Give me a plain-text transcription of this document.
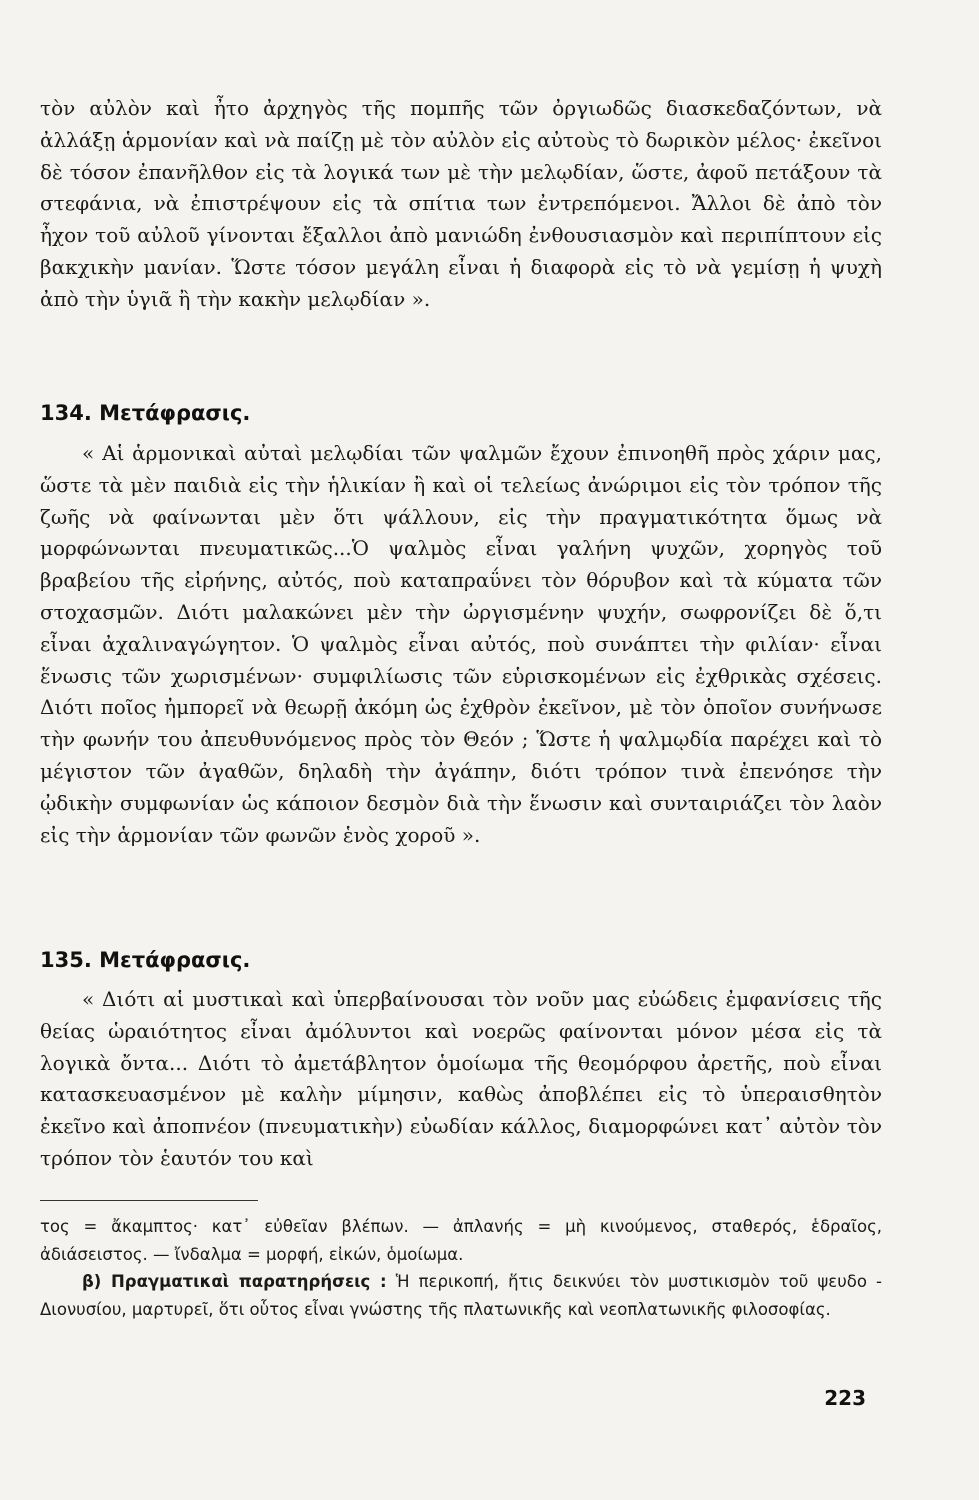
τὸν αὐλὸν καὶ ἦτο ἀρχηγὸς τῆς πομπῆς τῶν ὀργιωδῶς διασκεδαζόντων, νὰ ἀλλάξῃ ἁρμονίαν καὶ νὰ παίζῃ μὲ τὸν αὐλὸν εἰς αὐτοὺς τὸ δωρικὸν μέλος· ἐκεῖνοι δὲ τόσον ἐπανῆλθον εἰς τὰ λογικά των μὲ τὴν μελῳδίαν, ὥστε, ἀφοῦ πετάξουν τὰ στεφάνια, νὰ ἐπιστρέψουν εἰς τὰ σπίτια των ἐντρεπόμενοι. Ἄλλοι δὲ ἀπὸ τὸν ἦχον τοῦ αὐλοῦ γίνονται ἔξαλλοι ἀπὸ μανιώδη ἐνθουσιασμὸν καὶ περιπίπτουν εἰς βακχικὴν μανίαν. Ὥστε τόσον μεγάλη εἶναι ἡ διαφορὰ εἰς τὸ νὰ γεμίσῃ ἡ ψυχὴ ἀπὸ τὴν ὑγιᾶ ἢ τὴν κακὴν μελῳδίαν ».

134. Μετάφρασις.

« Αἱ ἁρμονικαὶ αὐταὶ μελῳδίαι τῶν ψαλμῶν ἔχουν ἐπινοηθῆ πρὸς χάριν μας, ὥστε τὰ μὲν παιδιὰ εἰς τὴν ἡλικίαν ἢ καὶ οἱ τελείως ἀνώριμοι εἰς τὸν τρόπον τῆς ζωῆς νὰ φαίνωνται μὲν ὅτι ψάλλουν, εἰς τὴν πραγματικότητα ὅμως νὰ μορφώνωνται πνευματικῶς...Ὁ ψαλμὸς εἶναι γαλήνη ψυχῶν, χορηγὸς τοῦ βραβείου τῆς εἰρήνης, αὐτός, ποὺ καταπραΰνει τὸν θόρυβον καὶ τὰ κύματα τῶν στοχασμῶν. Διότι μαλακώνει μὲν τὴν ὠργισμένην ψυχήν, σωφρονίζει δὲ ὅ,τι εἶναι ἀχαλιναγώγητον. Ὁ ψαλμὸς εἶναι αὐτός, ποὺ συνάπτει τὴν φιλίαν· εἶναι ἕνωσις τῶν χωρισμένων· συμφιλίωσις τῶν εὑρισκομένων εἰς ἐχθρικὰς σχέσεις. Διότι ποῖος ἠμπορεῖ νὰ θεωρῇ ἀκόμη ὡς ἐχθρὸν ἐκεῖνον, μὲ τὸν ὁποῖον συνήνωσε τὴν φωνήν του ἀπευθυνόμενος πρὸς τὸν Θεόν ; Ὥστε ἡ ψαλμῳδία παρέχει καὶ τὸ μέγιστον τῶν ἀγαθῶν, δηλαδὴ τὴν ἀγάπην, διότι τρόπον τινὰ ἐπενόησε τὴν ᾠδικὴν συμφωνίαν ὡς κάποιον δεσμὸν διὰ τὴν ἕνωσιν καὶ συνταιριάζει τὸν λαὸν εἰς τὴν ἁρμονίαν τῶν φωνῶν ἑνὸς χοροῦ ».

135. Μετάφρασις.

« Διότι αἱ μυστικαὶ καὶ ὑπερβαίνουσαι τὸν νοῦν μας εὐώδεις ἐμφανίσεις τῆς θείας ὡραιότητος εἶναι ἀμόλυντοι καὶ νοερῶς φαίνονται μόνον μέσα εἰς τὰ λογικὰ ὄντα... Διότι τὸ ἀμετάβλητον ὁμοίωμα τῆς θεομόρφου ἀρετῆς, ποὺ εἶναι κατασκευασμένον μὲ καλὴν μίμησιν, καθὼς ἀποβλέπει εἰς τὸ ὑπεραισθητὸν ἐκεῖνο καὶ ἀποπνέον (πνευματικὴν) εὐωδίαν κάλλος, διαμορφώνει κατ᾿ αὐτὸν τὸν τρόπον τὸν ἑαυτόν του καὶ

τος = ἄκαμπτος· κατ᾿ εὐθεῖαν βλέπων. — ἀπλανής = μὴ κινούμενος, σταθερός, ἑδραῖος, ἀδιάσειστος. — ἴνδαλμα = μορφή, εἰκών, ὁμοίωμα.

β) Πραγματικαὶ παρατηρήσεις : Ἡ περικοπή, ἥτις δεικνύει τὸν μυστικισμὸν τοῦ ψευδο - Διονυσίου, μαρτυρεῖ, ὅτι οὗτος εἶναι γνώστης τῆς πλατωνικῆς καὶ νεοπλατωνικῆς φιλοσοφίας.

223
